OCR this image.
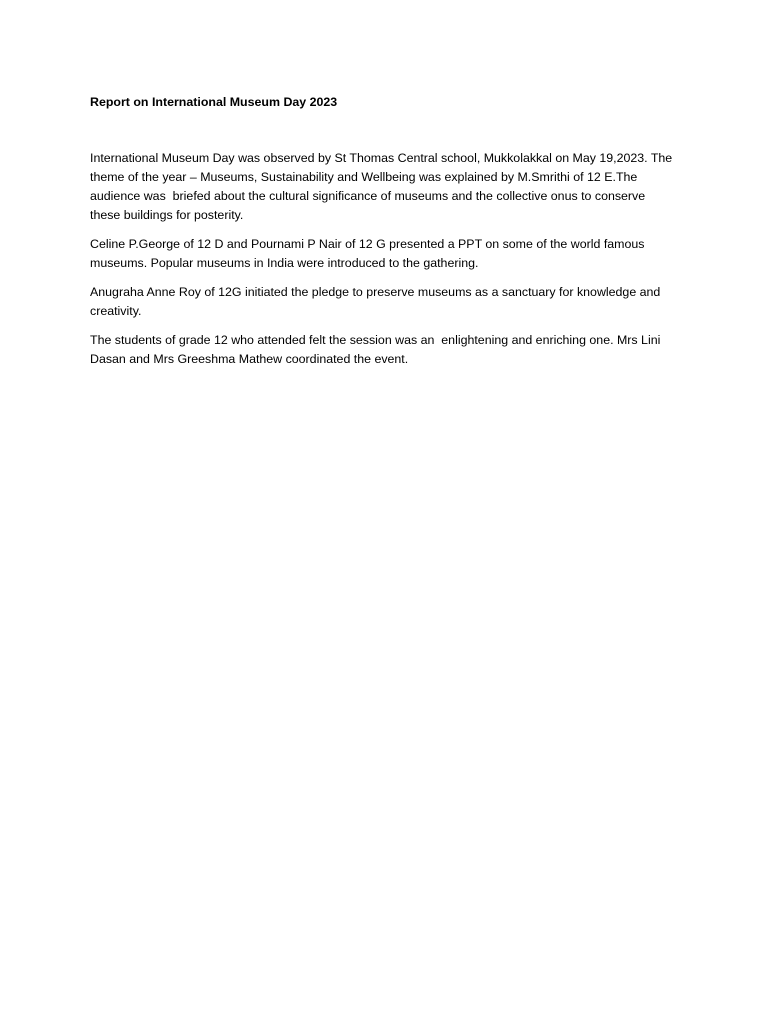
Report on International Museum Day 2023

International Museum Day was observed by St Thomas Central school, Mukkolakkal on May 19,2023. The theme of the year – Museums, Sustainability and Wellbeing was explained by M.Smrithi of 12 E.The audience was  briefed about the cultural significance of museums and the collective onus to conserve these buildings for posterity.

Celine P.George of 12 D and Pournami P Nair of 12 G presented a PPT on some of the world famous museums. Popular museums in India were introduced to the gathering.

Anugraha Anne Roy of 12G initiated the pledge to preserve museums as a sanctuary for knowledge and creativity.

The students of grade 12 who attended felt the session was an  enlightening and enriching one. Mrs Lini Dasan and Mrs Greeshma Mathew coordinated the event.
